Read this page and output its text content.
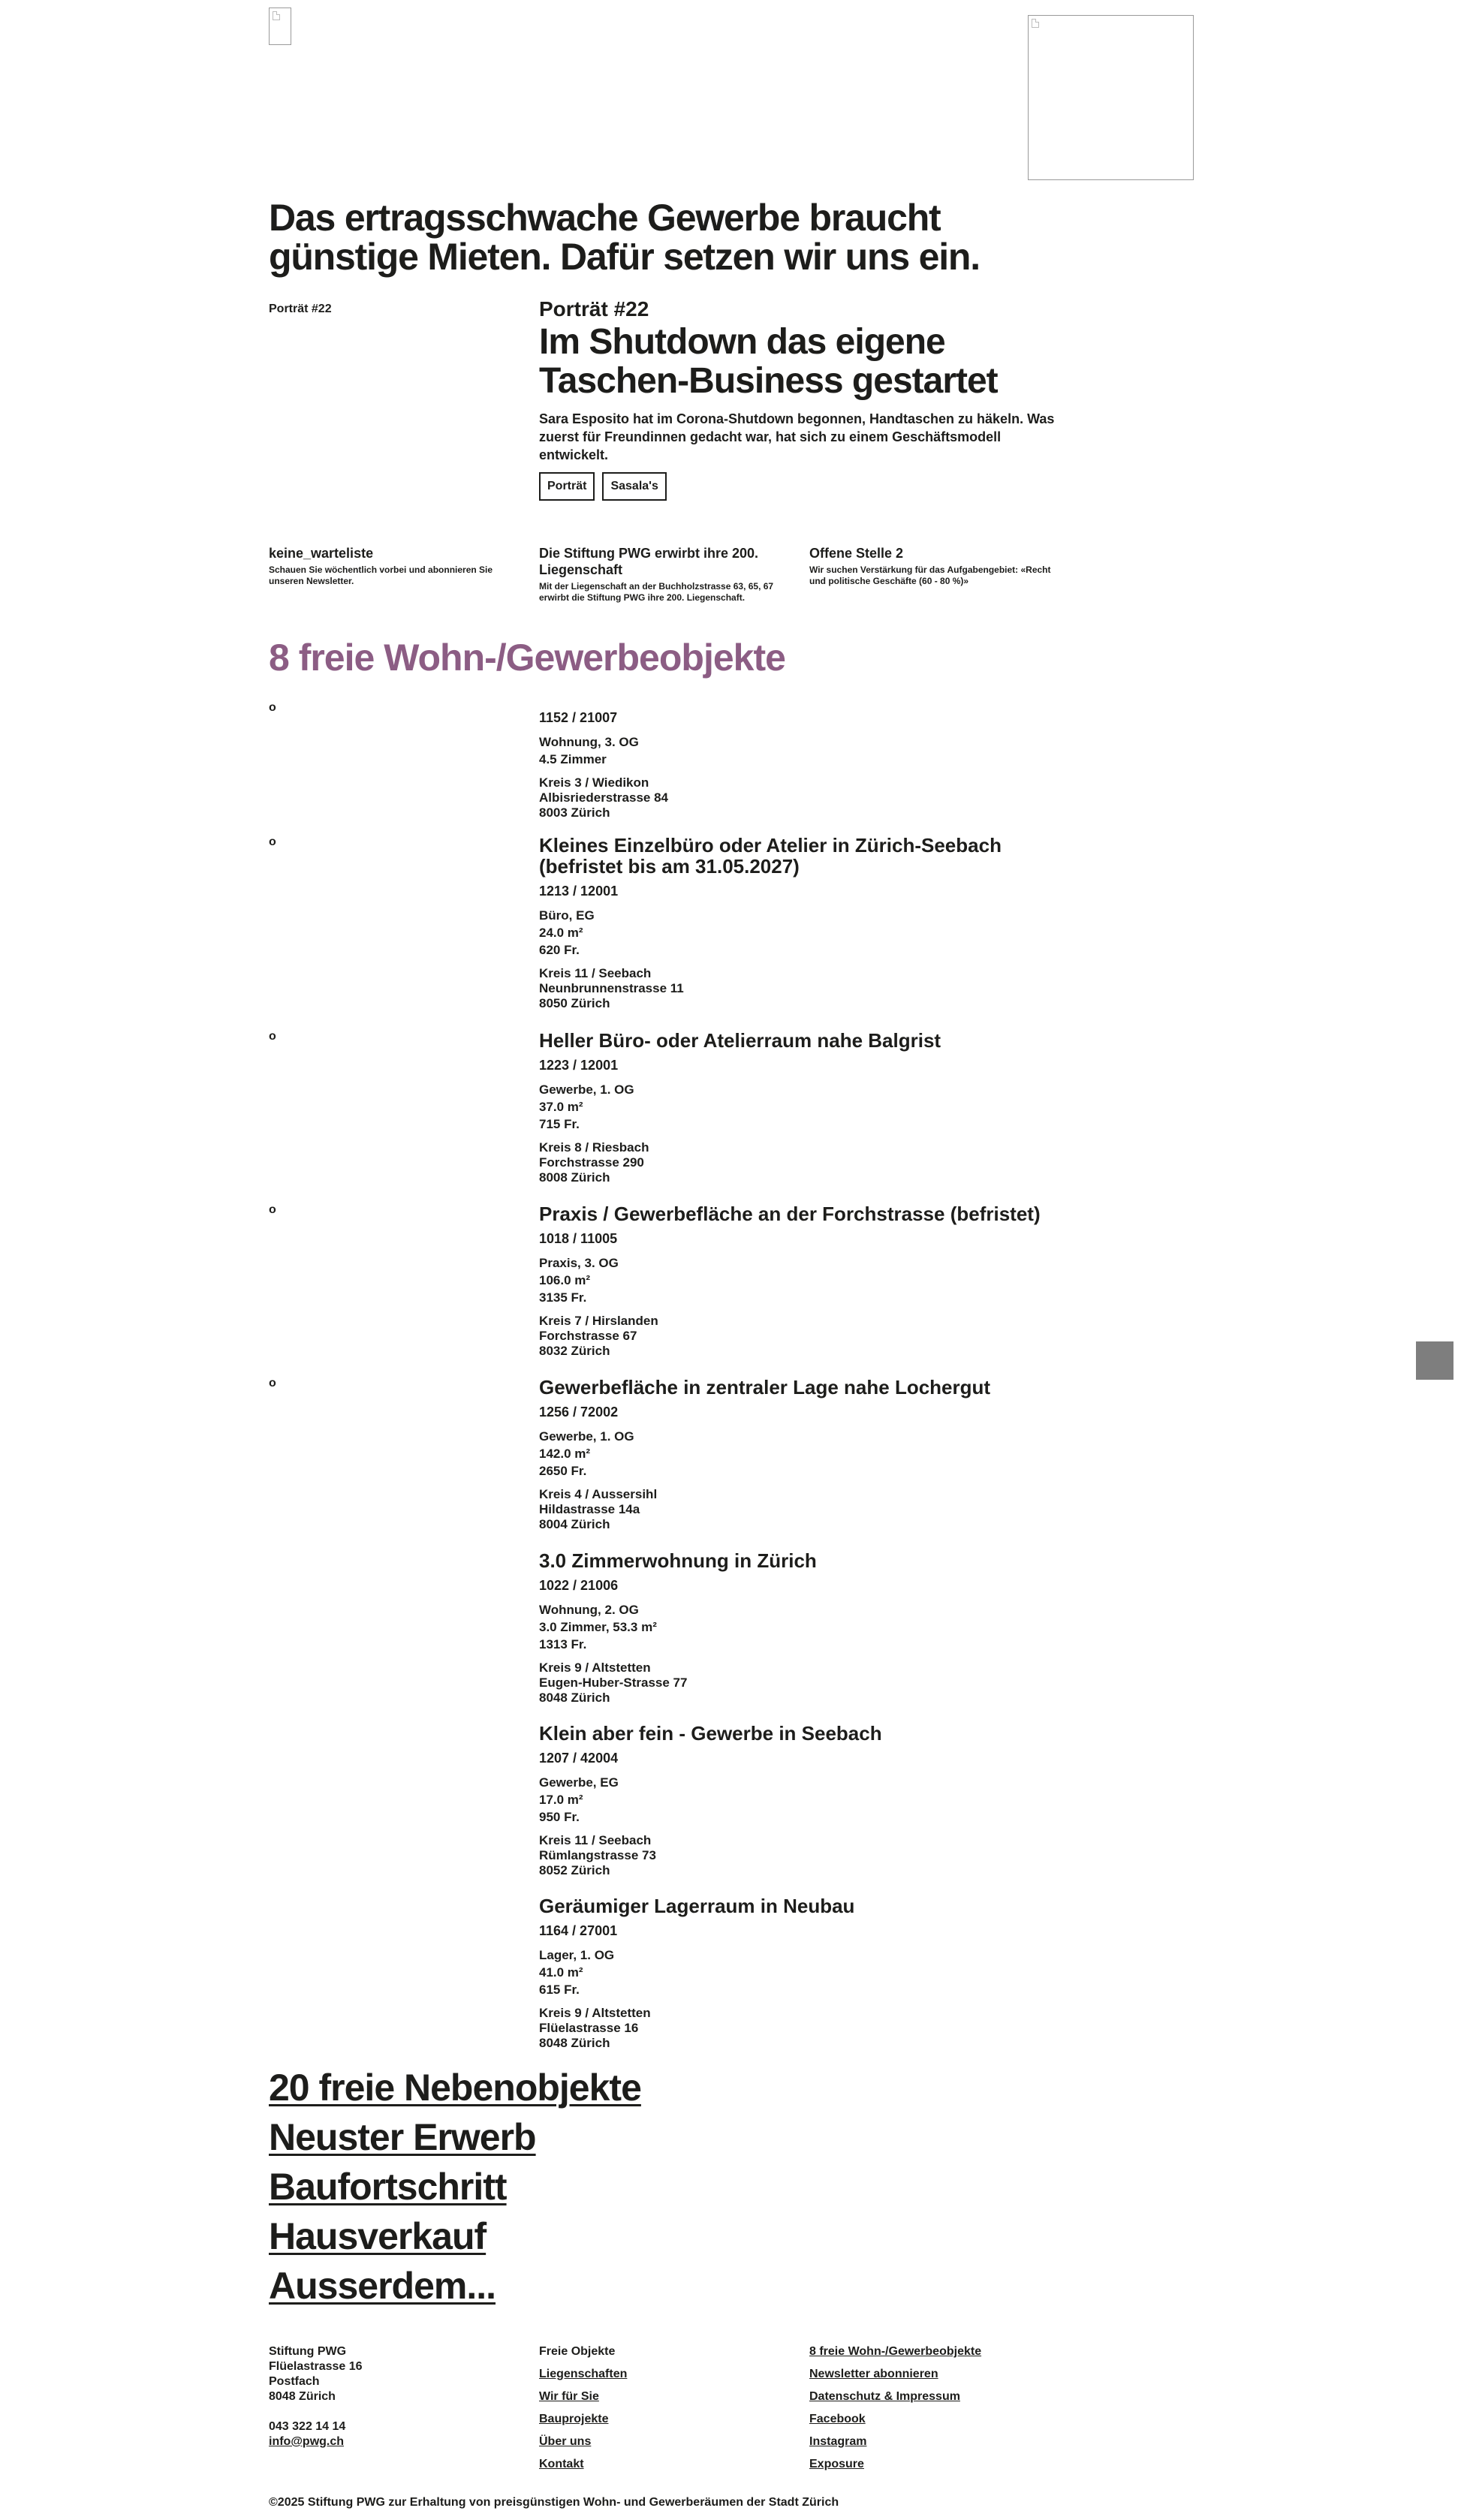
Das ertragsschwache Gewerbe braucht günstige Mieten. Dafür setzen wir uns ein.
Porträt #22	Porträt #22
Im Shutdown das eigene Taschen-Business gestartet
Sara Esposito hat im Corona-Shutdown begonnen, Handtaschen zu häkeln. Was zuerst für Freundinnen gedacht war, hat sich zu einem Geschäftsmodell entwickelt.
Porträt	Sasala's
keine_warteliste
Schauen Sie wöchentlich vorbei und abonnieren Sie unseren Newsletter.
Die Stiftung PWG erwirbt ihre 200. Liegenschaft
Mit der Liegenschaft an der Buchholzstrasse 63, 65, 67 erwirbt die Stiftung PWG ihre 200. Liegenschaft.
Offene Stelle 2
Wir suchen Verstärkung für das Aufgabengebiet: «Recht und politische Geschäfte (60 - 80 %)»
8 freie Wohn-/Gewerbeobjekte
o
1152 / 21007
Wohnung, 3. OG
4.5 Zimmer
Kreis 3 / Wiedikon
Albisriederstrasse 84
8003 Zürich
o	Kleines Einzelbüro oder Atelier in Zürich-Seebach (befristet bis am 31.05.2027)
1213 / 12001
Büro, EG
24.0 m²
620 Fr.
Kreis 11 / Seebach
Neunbrunnenstrasse 11
8050 Zürich
o	Heller Büro- oder Atelierraum nahe Balgrist
1223 / 12001
Gewerbe, 1. OG
37.0 m²
715 Fr.
Kreis 8 / Riesbach
Forchstrasse 290
8008 Zürich
o	Praxis / Gewerbefläche an der Forchstrasse (befristet)
1018 / 11005
Praxis, 3. OG
106.0 m²
3135 Fr.
Kreis 7 / Hirslanden
Forchstrasse 67
8032 Zürich
o	Gewerbefläche in zentraler Lage nahe Lochergut
1256 / 72002
Gewerbe, 1. OG
142.0 m²
2650 Fr.
Kreis 4 / Aussersihl
Hildastrasse 14a
8004 Zürich
3.0 Zimmerwohnung in Zürich
1022 / 21006
Wohnung, 2. OG
3.0 Zimmer, 53.3 m²
1313 Fr.
Kreis 9 / Altstetten
Eugen-Huber-Strasse 77
8048 Zürich
Klein aber fein - Gewerbe in Seebach
1207 / 42004
Gewerbe, EG
17.0 m²
950 Fr.
Kreis 11 / Seebach
Rümlangstrasse 73
8052 Zürich
Geräumiger Lagerraum in Neubau
1164 / 27001
Lager, 1. OG
41.0 m²
615 Fr.
Kreis 9 / Altstetten
Flüelastrasse 16
8048 Zürich
20 freie Nebenobjekte
Neuster Erwerb
Baufortschritt
Hausverkauf
Ausserdem...
Stiftung PWG
Flüelastrasse 16
Postfach
8048 Zürich
043 322 14 14
info@pwg.ch
Freie Objekte
Liegenschaften
Wir für Sie
Bauprojekte
Über uns
Kontakt
8 freie Wohn-/Gewerbeobjekte
Newsletter abonnieren
Datenschutz & Impressum
Facebook
Instagram
Exposure
©2025 Stiftung PWG zur Erhaltung von preisgünstigen Wohn- und Gewerberäumen der Stadt Zürich
